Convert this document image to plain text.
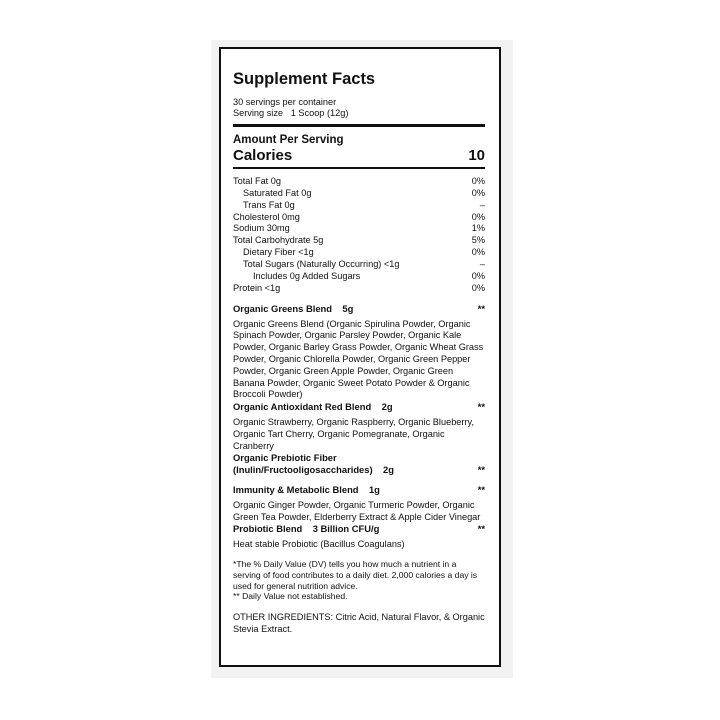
Supplement Facts
30 servings per container
Serving size   1 Scoop (12g)
Amount Per Serving
Calories	10
Total Fat 0g	0%
Saturated Fat 0g	0%
Trans Fat 0g	–
Cholesterol 0mg	0%
Sodium 30mg	1%
Total Carbohydrate 5g	5%
Dietary Fiber <1g	0%
Total Sugars (Naturally Occurring) <1g	–
Includes 0g Added Sugars	0%
Protein <1g	0%
Organic Greens Blend    5g	**
Organic Greens Blend (Organic Spirulina Powder, Organic Spinach Powder, Organic Parsley Powder, Organic Kale Powder, Organic Barley Grass Powder, Organic Wheat Grass Powder, Organic Chlorella Powder, Organic Green Pepper Powder, Organic Green Apple Powder, Organic Green Banana Powder, Organic Sweet Potato Powder & Organic Broccoli Powder)
Organic Antioxidant Red Blend    2g	**
Organic Strawberry, Organic Raspberry, Organic Blueberry, Organic Tart Cherry, Organic Pomegranate, Organic Cranberry
Organic Prebiotic Fiber
(Inulin/Fructooligosaccharides)    2g	**
Immunity & Metabolic Blend    1g	**
Organic Ginger Powder, Organic Turmeric Powder, Organic Green Tea Powder, Elderberry Extract & Apple Cider Vinegar
Probiotic Blend    3 Billion CFU/g	**
Heat stable Probiotic (Bacillus Coagulans)
*The % Daily Value (DV) tells you how much a nutrient in a serving of food contributes to a daily diet. 2,000 calories a day is used for general nutrition advice.
** Daily Value not established.
OTHER INGREDIENTS: Citric Acid, Natural Flavor, & Organic Stevia Extract.
